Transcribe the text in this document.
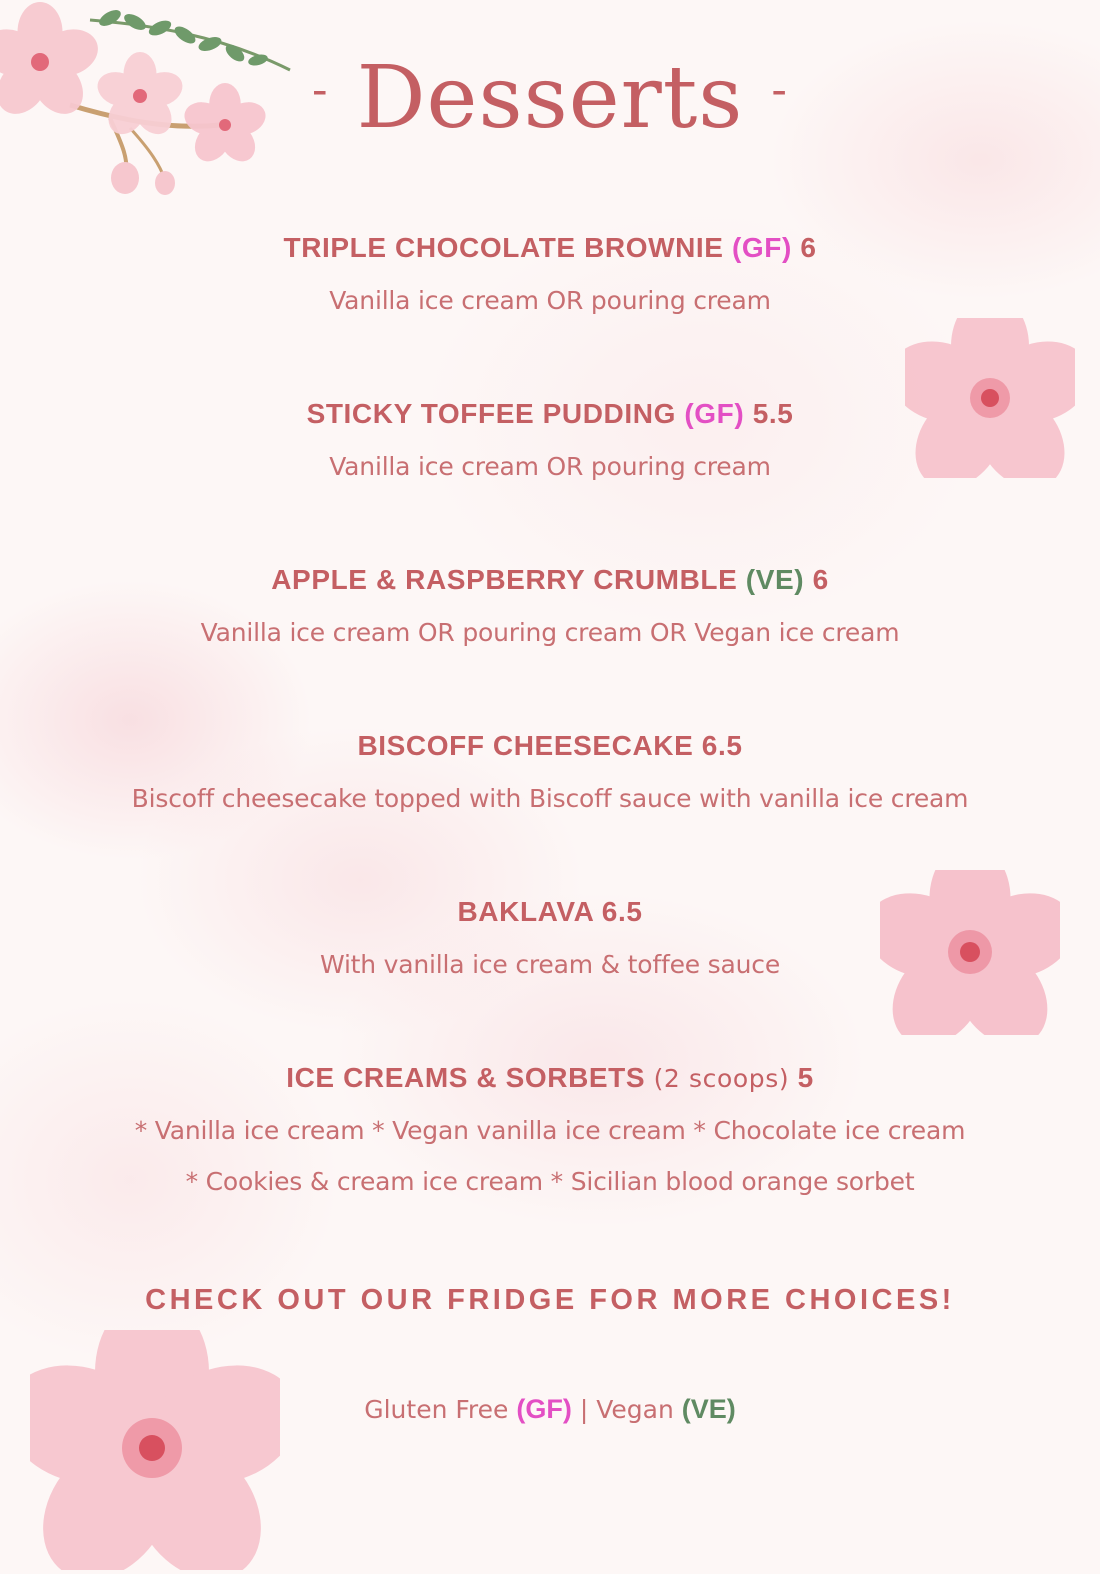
- Desserts -
TRIPLE CHOCOLATE BROWNIE (GF) 6
Vanilla ice cream OR pouring cream
STICKY TOFFEE PUDDING (GF) 5.5
Vanilla ice cream OR pouring cream
APPLE & RASPBERRY CRUMBLE (VE) 6
Vanilla ice cream OR pouring cream OR Vegan ice cream
BISCOFF CHEESECAKE 6.5
Biscoff cheesecake topped with Biscoff sauce with vanilla ice cream
BAKLAVA 6.5
With vanilla ice cream & toffee sauce
ICE CREAMS & SORBETS (2 scoops) 5
* Vanilla ice cream * Vegan vanilla ice cream * Chocolate ice cream
* Cookies & cream ice cream * Sicilian blood orange sorbet
CHECK OUT OUR FRIDGE FOR MORE CHOICES!
Gluten Free (GF) | Vegan (VE)
